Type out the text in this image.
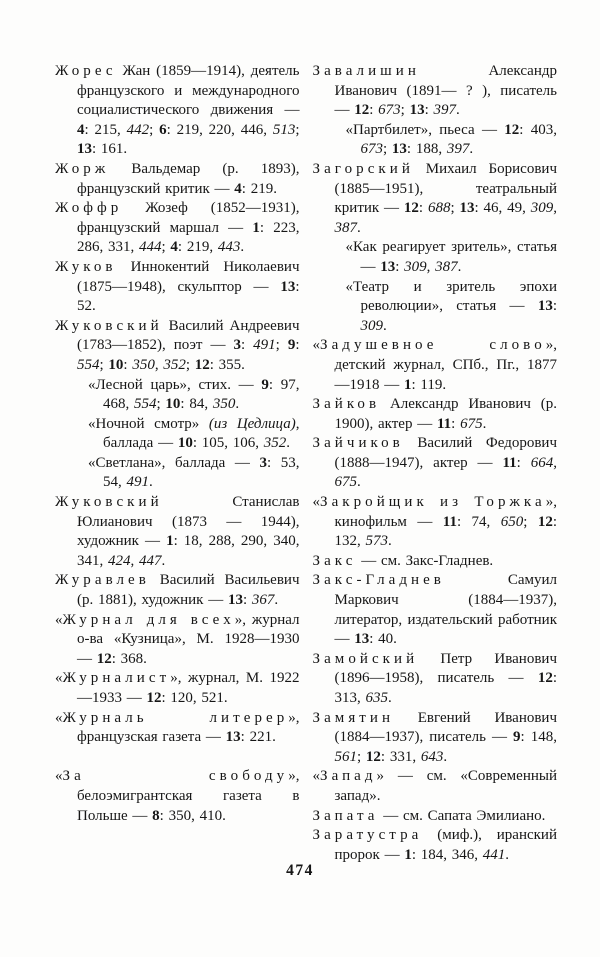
Жорес Жан (1859—1914), деятель французского и международного социалистического движения — 4: 215, 442; 6: 219, 220, 446, 513; 13: 161.

Жорж Вальдемар (р. 1893), французский критик — 4: 219.

Жоффр Жозеф (1852—1931), французский маршал — 1: 223, 286, 331, 444; 4: 219, 443.

Жуков Иннокентий Николаевич (1875—1948), скульптор — 13: 52.

Жуковский Василий Андреевич (1783—1852), поэт — 3: 491; 9: 554; 10: 350, 352; 12: 355.

«Лесной царь», стих. — 9: 97, 468, 554; 10: 84, 350.

«Ночной смотр» (из Цедлица), баллада — 10: 105, 106, 352.

«Светлана», баллада — 3: 53, 54, 491.

Жуковский Станислав Юлианович (1873 — 1944), художник — 1: 18, 288, 290, 340, 341, 424, 447.

Журавлев Василий Васильевич (р. 1881), художник — 13: 367.

«Журнал для всех», журнал о-ва «Кузница», М. 1928—1930 — 12: 368.

«Журналист», журнал, М. 1922—1933 — 12: 120, 521.

«Журналь литерер», французская газета — 13: 221.

«За свободу», белоэмигрантская газета в Польше — 8: 350, 410.

Завалишин Александр Иванович (1891— ? ), писатель — 12: 673; 13: 397.

«Партбилет», пьеса — 12: 403, 673; 13: 188, 397.

Загорский Михаил Борисович (1885—1951), театральный критик — 12: 688; 13: 46, 49, 309, 387.

«Как реагирует зритель», статья — 13: 309, 387.

«Театр и зритель эпохи революции», статья — 13: 309.

«Задушевное слово», детский журнал, СПб., Пг., 1877—1918 — 1: 119.

Зайков Александр Иванович (р. 1900), актер — 11: 675.

Зайчиков Василий Федорович (1888—1947), актер — 11: 664, 675.

«Закройщик из Торжка», кинофильм — 11: 74, 650; 12: 132, 573.

Закс — см. Закс-Гладнев.

Закс-Гладнев Самуил Маркович (1884—1937), литератор, издательский работник — 13: 40.

Замойский Петр Иванович (1896—1958), писатель — 12: 313, 635.

Замятин Евгений Иванович (1884—1937), писатель — 9: 148, 561; 12: 331, 643.

«Запад» — см. «Современный запад».

Запата — см. Сапата Эмилиано.

Заратустра (миф.), иранский пророк — 1: 184, 346, 441.

474
